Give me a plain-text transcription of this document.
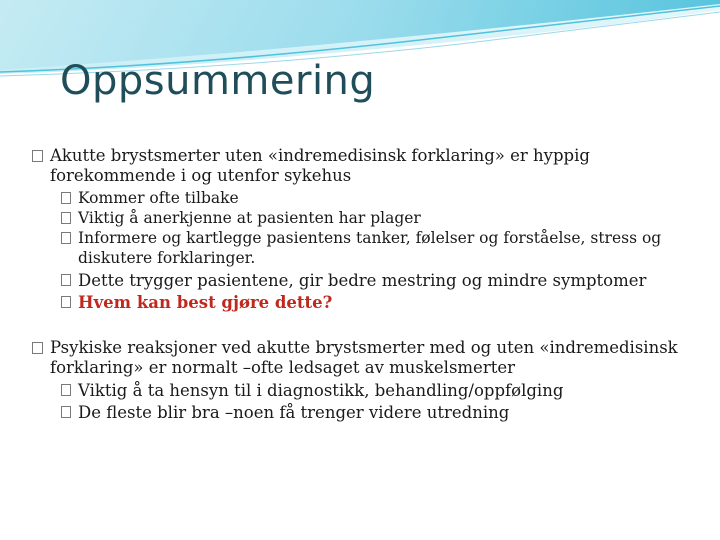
Oppsummering

Akutte brystsmerter uten «indremedisinsk forklaring» er hyppig forekommende i og utenfor sykehus

Kommer ofte tilbake

Viktig å anerkjenne at pasienten har plager

Informere og kartlegge pasientens tanker, følelser og forståelse, stress og diskutere forklaringer.

Dette trygger pasientene, gir bedre mestring og mindre symptomer

Hvem kan best gjøre dette?

Psykiske reaksjoner ved akutte brystsmerter med og uten «indremedisinsk forklaring» er normalt –ofte ledsaget av muskelsmerter

Viktig å ta hensyn til i diagnostikk, behandling/oppfølging

De fleste blir bra –noen få trenger videre utredning
